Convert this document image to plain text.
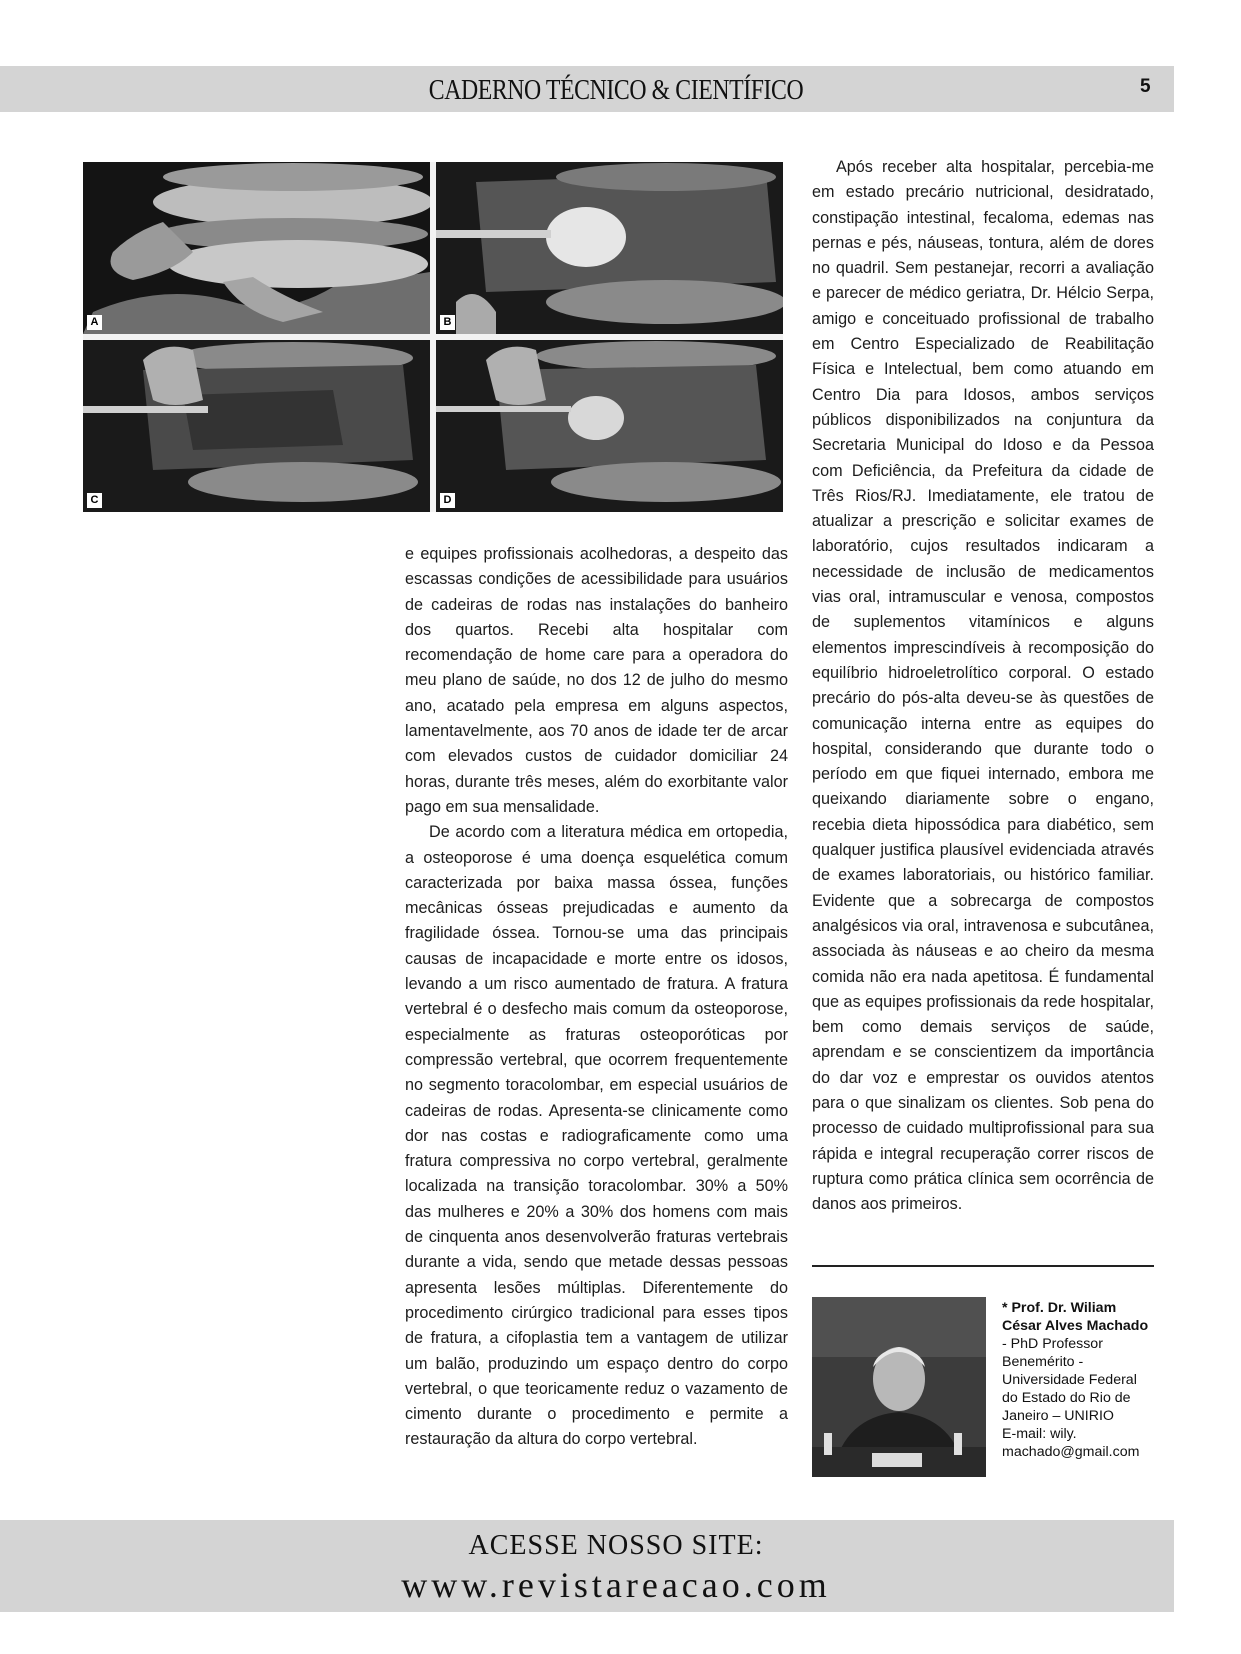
CADERNO TÉCNICO & CIENTÍFICO	5
A	B
C	D

e equipes profissionais acolhedoras, a despeito das escassas condições de acessibilidade para usuários de cadeiras de rodas nas instalações do banheiro dos quartos. Recebi alta hospitalar com recomendação de home care para a operadora do meu plano de saúde, no dos 12 de julho do mesmo ano, acatado pela empresa em alguns aspectos, lamentavelmente, aos 70 anos de idade ter de arcar com elevados custos de cuidador domiciliar 24 horas, durante três meses, além do exorbitante valor pago em sua mensalidade.

De acordo com a literatura médica em ortopedia, a osteoporose é uma doença esquelética comum caracterizada por baixa massa óssea, funções mecânicas ósseas prejudicadas e aumento da fragilidade óssea. Tornou-se uma das principais causas de incapacidade e morte entre os idosos, levando a um risco aumentado de fratura. A fratura vertebral é o desfecho mais comum da osteoporose, especialmente as fraturas osteoporóticas por compressão vertebral, que ocorrem frequentemente no segmento toracolombar, em especial usuários de cadeiras de rodas. Apresenta-se clinicamente como dor nas costas e radiograficamente como uma fratura compressiva no corpo vertebral, geralmente localizada na transição toracolombar. 30% a 50% das mulheres e 20% a 30% dos homens com mais de cinquenta anos desenvolverão fraturas vertebrais durante a vida, sendo que metade dessas pessoas apresenta lesões múltiplas. Diferentemente do procedimento cirúrgico tradicional para esses tipos de fratura, a cifoplastia tem a vantagem de utilizar um balão, produzindo um espaço dentro do corpo vertebral, o que teoricamente reduz o vazamento de cimento durante o procedimento e permite a restauração da altura do corpo vertebral.

Após receber alta hospitalar, percebia-me em estado precário nutricional, desidratado, constipação intestinal, fecaloma, edemas nas pernas e pés, náuseas, tontura, além de dores no quadril. Sem pestanejar, recorri a avaliação e parecer de médico geriatra, Dr. Hélcio Serpa, amigo e conceituado profissional de trabalho em Centro Especializado de Reabilitação Física e Intelectual, bem como atuando em Centro Dia para Idosos, ambos serviços públicos disponibilizados na conjuntura da Secretaria Municipal do Idoso e da Pessoa com Deficiência, da Prefeitura da cidade de Três Rios/RJ. Imediatamente, ele tratou de atualizar a prescrição e solicitar exames de laboratório, cujos resultados indicaram a necessidade de inclusão de medicamentos vias oral, intramuscular e venosa, compostos de suplementos vitamínicos e alguns elementos imprescindíveis à recomposição do equilíbrio hidroeletrolítico corporal. O estado precário do pós-alta deveu-se às questões de comunicação interna entre as equipes do hospital, considerando que durante todo o período em que fiquei internado, embora me queixando diariamente sobre o engano, recebia dieta hipossódica para diabético, sem qualquer justifica plausível evidenciada através de exames laboratoriais, ou histórico familiar. Evidente que a sobrecarga de compostos analgésicos via oral, intravenosa e subcutânea, associada às náuseas e ao cheiro da mesma comida não era nada apetitosa. É fundamental que as equipes profissionais da rede hospitalar, bem como demais serviços de saúde, aprendam e se conscientizem da importância do dar voz e emprestar os ouvidos atentos para o que sinalizam os clientes. Sob pena do processo de cuidado multiprofissional para sua rápida e integral recuperação correr riscos de ruptura como prática clínica sem ocorrência de danos aos primeiros.

* Prof. Dr. Wiliam César Alves Machado - PhD Professor Benemérito - Universidade Federal do Estado do Rio de Janeiro – UNIRIO
E-mail: wily. machado@gmail.com
ACESSE NOSSO SITE:
www.revistareacao.com
